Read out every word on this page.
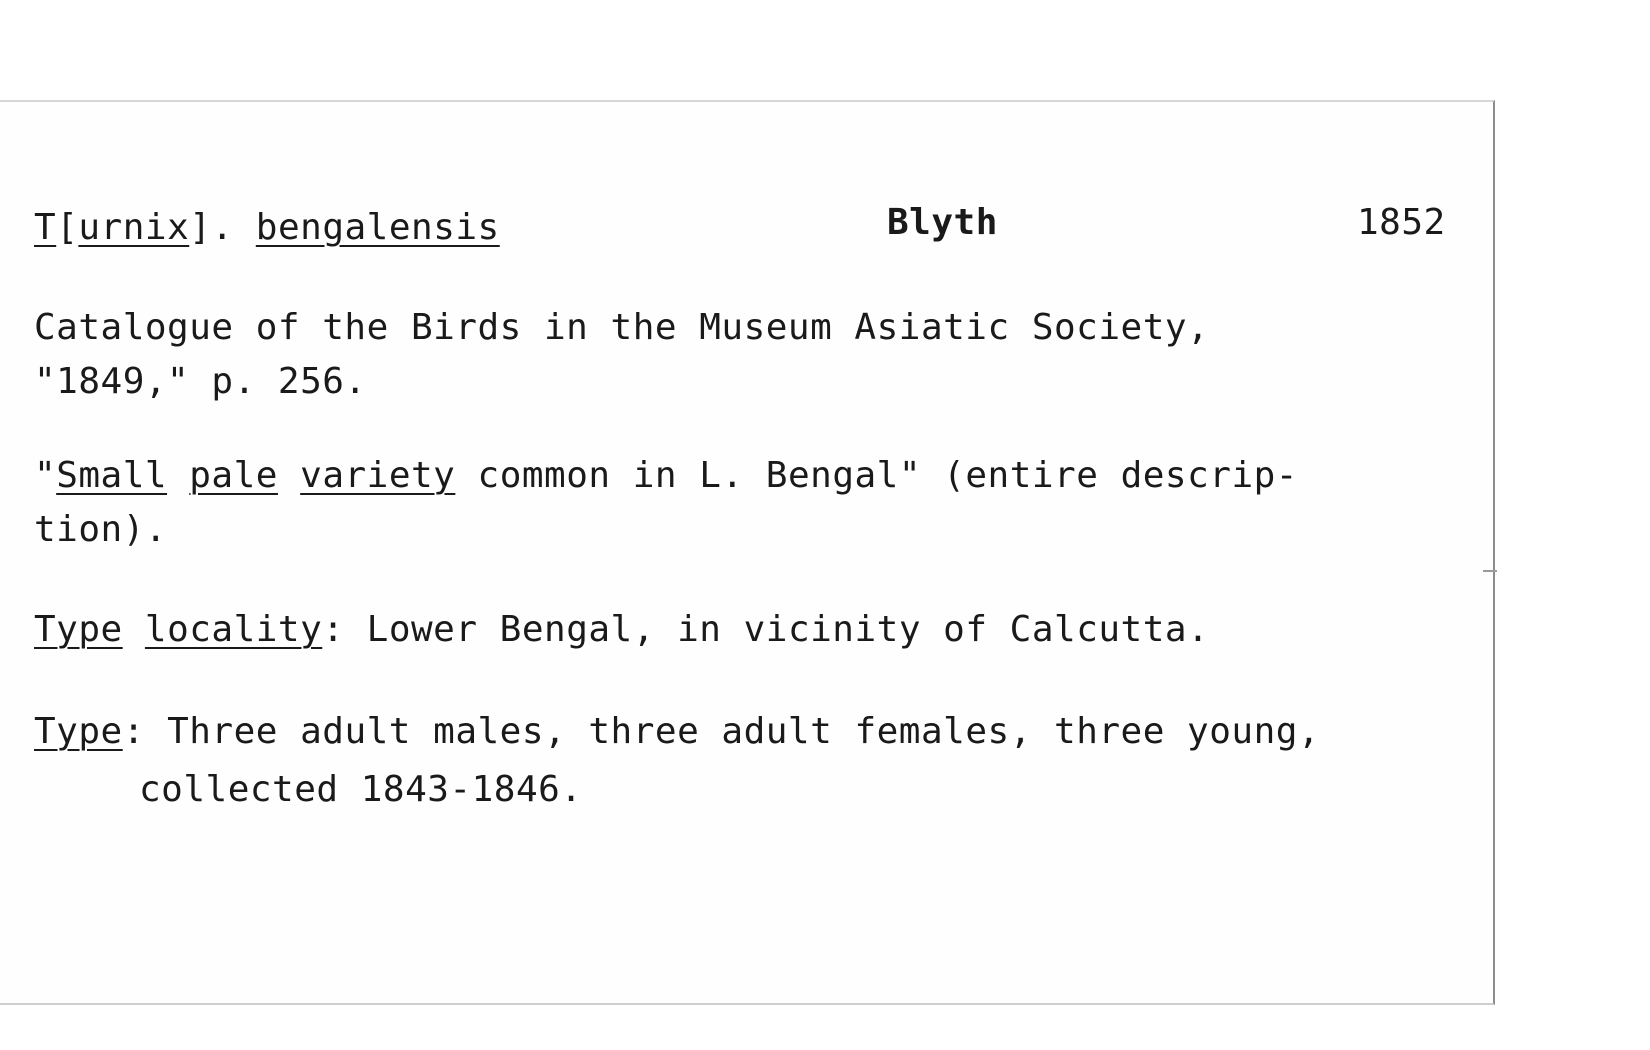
T[urnix]. bengalensis	Blyth	1852
Catalogue of the Birds in the Museum Asiatic Society,
"1849," p. 256.
"Small pale variety common in L. Bengal" (entire descrip-
tion).
Type locality: Lower Bengal, in vicinity of Calcutta.
Type: Three adult males, three adult females, three young,
collected 1843-1846.
